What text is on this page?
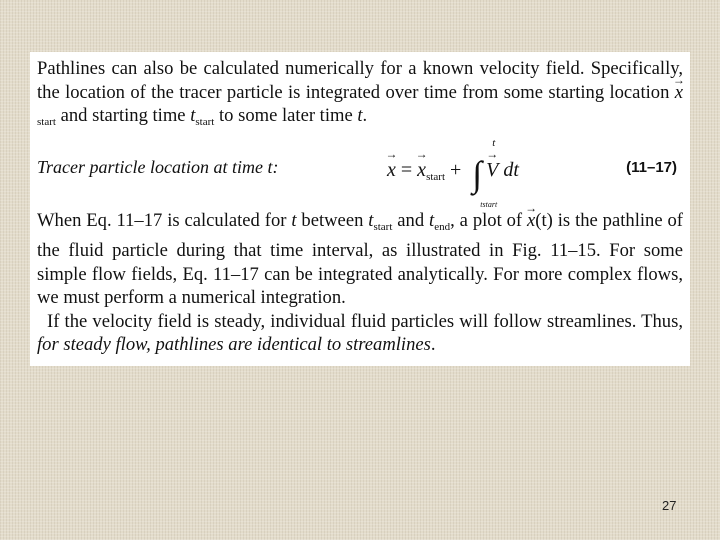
Pathlines can also be calculated numerically for a known velocity field. Specifically, the location of the tracer particle is integrated over time from some starting location → $x_{start}$ and starting time $t_{start}$ to some later time t.

Tracer particle location at time t:
→	x = → $x_{start}$ + ∫
t
tstart
→ V dt	(11–17)

When Eq. 11–17 is calculated for t between $t_{start}$ and $t_{end}$, a plot of → x(t) is the pathline of the fluid particle during that time interval, as illustrated in Fig. 11–15. For some simple flow fields, Eq. 11–17 can be integrated analytically. For more complex flows, we must perform a numerical integration.

If the velocity field is steady, individual fluid particles will follow streamlines. Thus, for steady flow, pathlines are identical to streamlines.

27
